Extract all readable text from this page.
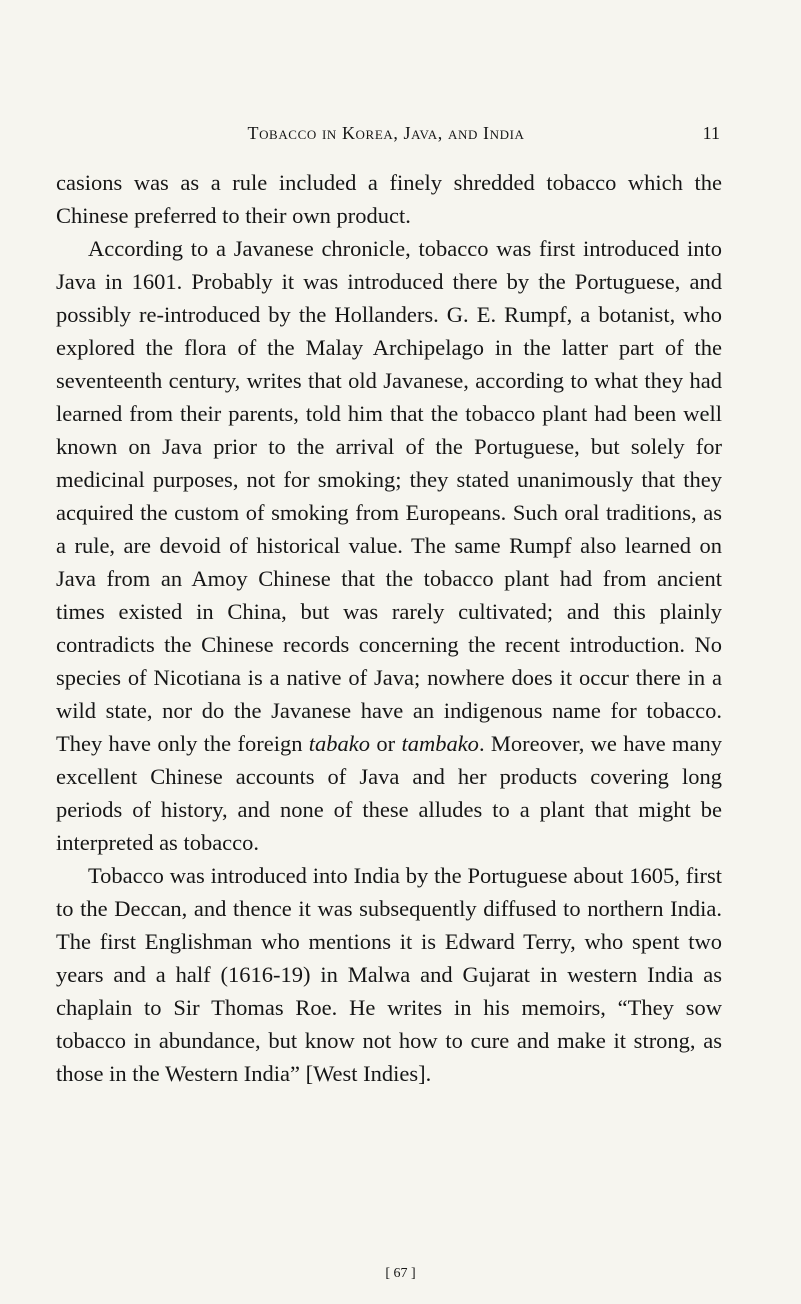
Tobacco in Korea, Java, and India	11

casions was as a rule included a finely shredded tobacco which the Chinese preferred to their own product.

According to a Javanese chronicle, tobacco was first introduced into Java in 1601. Probably it was introduced there by the Portuguese, and possibly re-introduced by the Hollanders. G. E. Rumpf, a botanist, who explored the flora of the Malay Archipelago in the latter part of the seventeenth century, writes that old Javanese, according to what they had learned from their parents, told him that the tobacco plant had been well known on Java prior to the arrival of the Portuguese, but solely for medicinal purposes, not for smoking; they stated unanimously that they acquired the custom of smoking from Europeans. Such oral traditions, as a rule, are devoid of historical value. The same Rumpf also learned on Java from an Amoy Chinese that the tobacco plant had from ancient times existed in China, but was rarely cultivated; and this plainly contradicts the Chinese records concerning the recent introduction. No species of Nicotiana is a native of Java; nowhere does it occur there in a wild state, nor do the Javanese have an indigenous name for tobacco. They have only the foreign tabako or tambako. Moreover, we have many excellent Chinese accounts of Java and her products covering long periods of history, and none of these alludes to a plant that might be interpreted as tobacco.

Tobacco was introduced into India by the Portuguese about 1605, first to the Deccan, and thence it was subsequently diffused to northern India. The first Englishman who mentions it is Edward Terry, who spent two years and a half (1616-19) in Malwa and Gujarat in western India as chaplain to Sir Thomas Roe. He writes in his memoirs, “They sow tobacco in abundance, but know not how to cure and make it strong, as those in the Western India” [West Indies].

[ 67 ]
